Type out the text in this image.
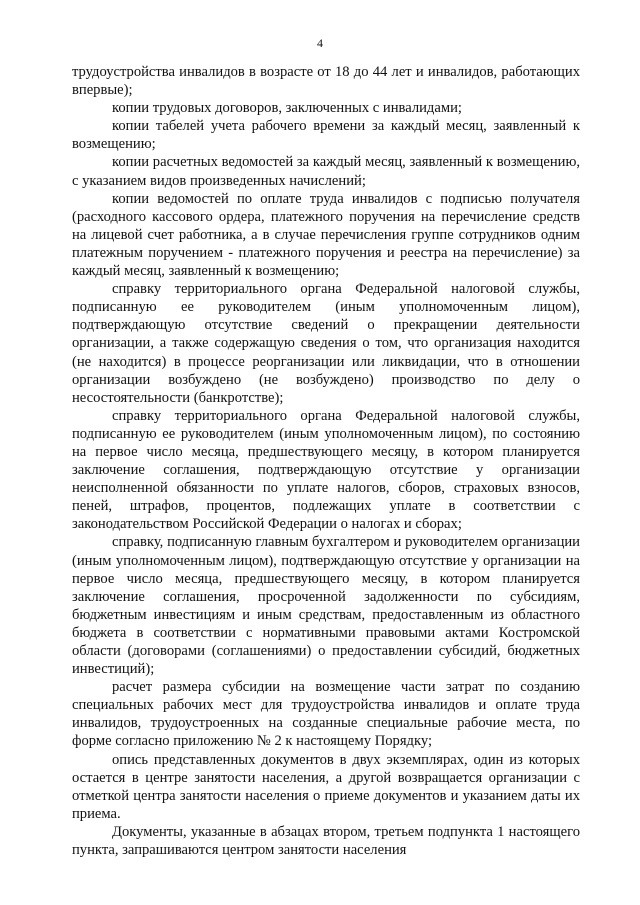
4

трудоустройства инвалидов в возрасте от 18 до 44 лет и инвалидов, работающих впервые);

копии трудовых договоров, заключенных с инвалидами;

копии табелей учета рабочего времени за каждый месяц, заявленный к возмещению;

копии расчетных ведомостей за каждый месяц, заявленный к возмещению, с указанием видов произведенных начислений;

копии ведомостей по оплате труда инвалидов с подписью получателя (расходного кассового ордера, платежного поручения на перечисление средств на лицевой счет работника, а в случае перечисления группе сотрудников одним платежным поручением - платежного поручения и реестра на перечисление) за каждый месяц, заявленный к возмещению;

справку территориального органа Федеральной налоговой службы, подписанную ее руководителем (иным уполномоченным лицом), подтверждающую отсутствие сведений о прекращении деятельности организации, а также содержащую сведения о том, что организация находится (не находится) в процессе реорганизации или ликвидации, что в отношении организации возбуждено (не возбуждено) производство по делу о несостоятельности (банкротстве);

справку территориального органа Федеральной налоговой службы, подписанную ее руководителем (иным уполномоченным лицом), по состоянию на первое число месяца, предшествующего месяцу, в котором планируется заключение соглашения, подтверждающую отсутствие у организации неисполненной обязанности по уплате налогов, сборов, страховых взносов, пеней, штрафов, процентов, подлежащих уплате в соответствии с законодательством Российской Федерации о налогах и сборах;

справку, подписанную главным бухгалтером и руководителем организации (иным уполномоченным лицом), подтверждающую отсутствие у организации на первое число месяца, предшествующего месяцу, в котором планируется заключение соглашения, просроченной задолженности по субсидиям, бюджетным инвестициям и иным средствам, предоставленным из областного бюджета в соответствии с нормативными правовыми актами Костромской области (договорами (соглашениями) о предоставлении субсидий, бюджетных инвестиций);

расчет размера субсидии на возмещение части затрат по созданию специальных рабочих мест для трудоустройства инвалидов и оплате труда инвалидов, трудоустроенных на созданные специальные рабочие места, по форме согласно приложению № 2 к настоящему Порядку;

опись представленных документов в двух экземплярах, один из которых остается в центре занятости населения, а другой возвращается организации с отметкой центра занятости населения о приеме документов и указанием даты их приема.

Документы, указанные в абзацах втором, третьем подпункта 1 настоящего пункта, запрашиваются центром занятости населения
